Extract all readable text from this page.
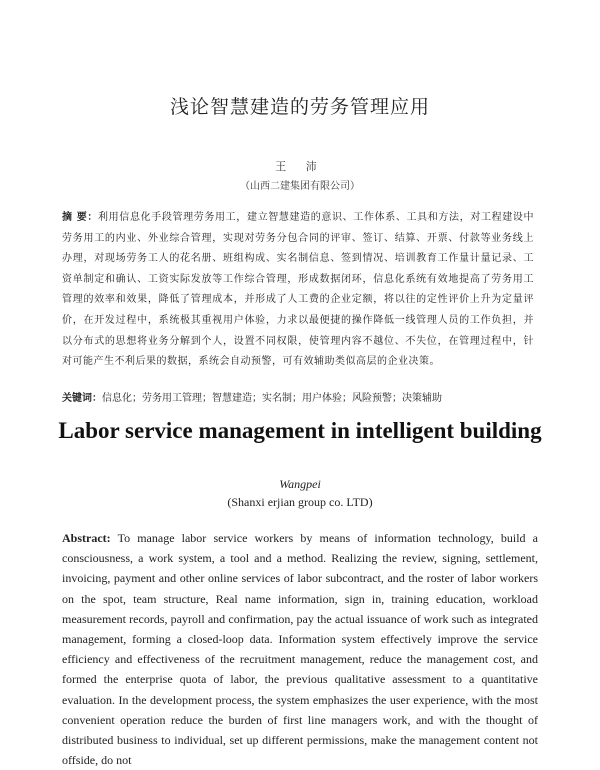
浅论智慧建造的劳务管理应用
王 沛
（山西二建集团有限公司）
摘 要：利用信息化手段管理劳务用工，建立智慧建造的意识、工作体系、工具和方法，对工程建设中劳务用工的内业、外业综合管理，实现对劳务分包合同的评审、签订、结算、开票、付款等业务线上办理，对现场劳务工人的花名册、班组构成、实名制信息、签到情况、培训教育工作量计量记录、工资单制定和确认、工资实际发放等工作综合管理，形成数据闭环，信息化系统有效地提高了劳务用工管理的效率和效果，降低了管理成本，并形成了人工费的企业定额，将以往的定性评价上升为定量评价，在开发过程中，系统极其重视用户体验，力求以最便捷的操作降低一线管理人员的工作负担，并以分布式的思想将业务分解到个人，设置不同权限，使管理内容不越位、不失位，在管理过程中，针对可能产生不利后果的数据，系统会自动预警，可有效辅助类似高层的企业决策。
关键词：信息化；劳务用工管理；智慧建造；实名制；用户体验；风险预警；决策辅助
Labor service management in intelligent building
Wangpei
(Shanxi erjian group co. LTD)
Abstract: To manage labor service workers by means of information technology, build a consciousness, a work system, a tool and a method. Realizing the review, signing, settlement, invoicing, payment and other online services of labor subcontract, and the roster of labor workers on the spot, team structure, Real name information, sign in, training education, workload measurement records, payroll and confirmation, pay the actual issuance of work such as integrated management, forming a closed-loop data. Information system effectively improve the service efficiency and effectiveness of the recruitment management, reduce the management cost, and formed the enterprise quota of labor, the previous qualitative assessment to a quantitative evaluation. In the development process, the system emphasizes the user experience, with the most convenient operation reduce the burden of first line managers work, and with the thought of distributed business to individual, set up different permissions, make the management content not offside, do not
